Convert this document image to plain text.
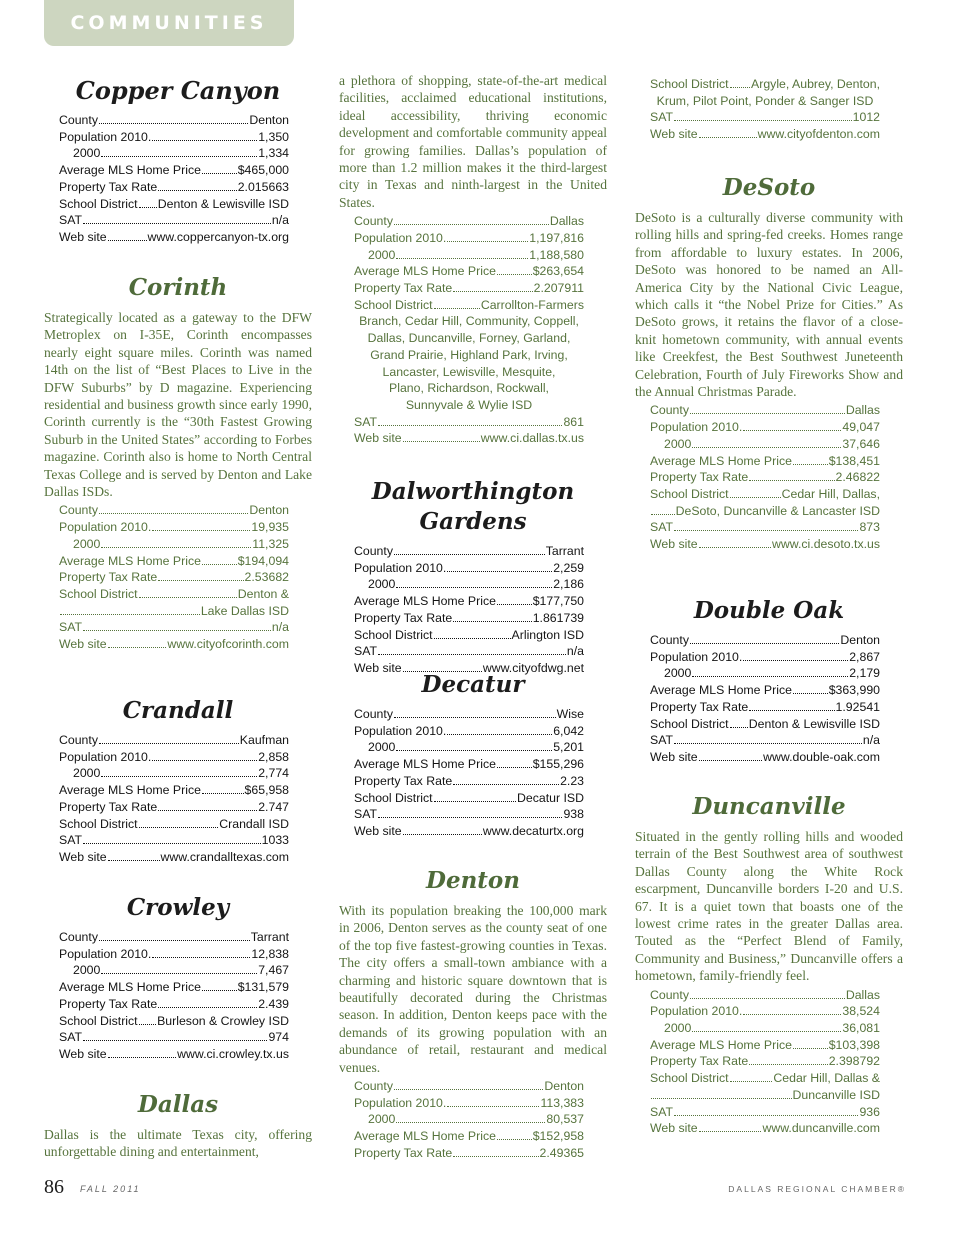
COMMUNITIES
Copper Canyon
County	Denton
Population 2010.	1,350
2000	1,334
Average MLS Home Price	$465,000
Property Tax Rate	2.015663
School District Denton & Lewisville ISD
SAT	n/a
Web site	www.coppercanyon-tx.org
Corinth
Strategically located as a gateway to the DFW Metroplex on I-35E, Corinth encompasses nearly eight square miles. Corinth was named 14th on the list of “Best Places to Live in the DFW Suburbs” by D magazine. Experiencing residential and business growth since early 1990, Corinth currently is the “30th Fastest Growing Suburb in the United States” according to Forbes magazine. Corinth also is home to North Central Texas College and is served by Denton and Lake Dallas ISDs.
County	Denton
Population 2010.	19,935
2000	11,325
Average MLS Home Price	$194,094
Property Tax Rate	2.53682
School District	Denton &
Lake Dallas ISD
SAT	n/a
Web site	www.cityofcorinth.com
Crandall
County	Kaufman
Population 2010.	2,858
2000	2,774
Average MLS Home Price	$65,958
Property Tax Rate	2.747
School District	Crandall ISD
SAT	1033
Web site	www.crandalltexas.com
Crowley
County	Tarrant
Population 2010.	12,838
2000	7,467
Average MLS Home Price	$131,579
Property Tax Rate	2.439
School District Burleson & Crowley ISD
SAT	974
Web site	www.ci.crowley.tx.us
Dallas
Dallas is the ultimate Texas city, offering unforgettable dining and entertainment,
a plethora of shopping, state-of-the-art medical facilities, acclaimed educational institutions, ideal accessibility, thriving economic development and comfortable community appeal for growing families. Dallas’s population of more than 1.2 million makes it the third-largest city in Texas and ninth-largest in the United States.
County	Dallas
Population 2010.	1,197,816
2000	1,188,580
Average MLS Home Price	$263,654
Property Tax Rate	2.207911
School District	Carrollton-Farmers
Branch, Cedar Hill, Community, Coppell,
Dallas, Duncanville, Forney, Garland,
Grand Prairie, Highland Park, Irving,
Lancaster, Lewisville, Mesquite,
Plano, Richardson, Rockwall,
Sunnyvale & Wylie ISD
SAT	861
Web site	www.ci.dallas.tx.us
Dalworthington Gardens
County	Tarrant
Population 2010.	2,259
2000	2,186
Average MLS Home Price	$177,750
Property Tax Rate	1.861739
School District	Arlington ISD
SAT	n/a
Web site	www.cityofdwg.net
Decatur
County	Wise
Population 2010.	6,042
2000	5,201
Average MLS Home Price	$155,296
Property Tax Rate	2.23
School District	Decatur ISD
SAT	938
Web site	www.decaturtx.org
Denton
With its population breaking the 100,000 mark in 2006, Denton serves as the county seat of one of the top five fastest-growing counties in Texas. The city offers a small-town ambiance with a charming and historic square downtown that is beautifully decorated during the Christmas season. In addition, Denton keeps pace with the demands of its growing population with an abundance of retail, restaurant and medical venues.
County	Denton
Population 2010.	113,383
2000	80,537
Average MLS Home Price	$152,958
Property Tax Rate	2.49365
School District Argyle, Aubrey, Denton,
Krum, Pilot Point, Ponder & Sanger ISD
SAT	1012
Web site	www.cityofdenton.com
DeSoto
DeSoto is a culturally diverse community with rolling hills and spring-fed creeks. Homes range from affordable to luxury estates. In 2006, DeSoto was honored to be named an All-America City by the National Civic League, which calls it “the Nobel Prize for Cities.” As DeSoto grows, it retains the flavor of a close-knit hometown community, with annual events like Creekfest, the Best Southwest Juneteenth Celebration, Fourth of July Fireworks Show and the Annual Christmas Parade.
County	Dallas
Population 2010.	49,047
2000	37,646
Average MLS Home Price	$138,451
Property Tax Rate	2.46822
School District	Cedar Hill, Dallas,
DeSoto, Duncanville & Lancaster ISD
SAT	873
Web site	www.ci.desoto.tx.us
Double Oak
County	Denton
Population 2010.	2,867
2000	2,179
Average MLS Home Price	$363,990
Property Tax Rate	1.92541
School District Denton & Lewisville ISD
SAT	n/a
Web site	www.double-oak.com
Duncanville
Situated in the gently rolling hills and wooded terrain of the Best Southwest area of southwest Dallas County along the White Rock escarpment, Duncanville borders I-20 and U.S. 67. It is a quiet town that boasts one of the lowest crime rates in the greater Dallas area. Touted as the “Perfect Blend of Family, Community and Business,” Duncanville offers a hometown, family-friendly feel.
County	Dallas
Population 2010.	38,524
2000	36,081
Average MLS Home Price	$103,398
Property Tax Rate	2.398792
School District	Cedar Hill, Dallas &
Duncanville ISD
SAT	936
Web site	www.duncanville.com
86 FALL 2011	DALLAS REGIONAL CHAMBER®
